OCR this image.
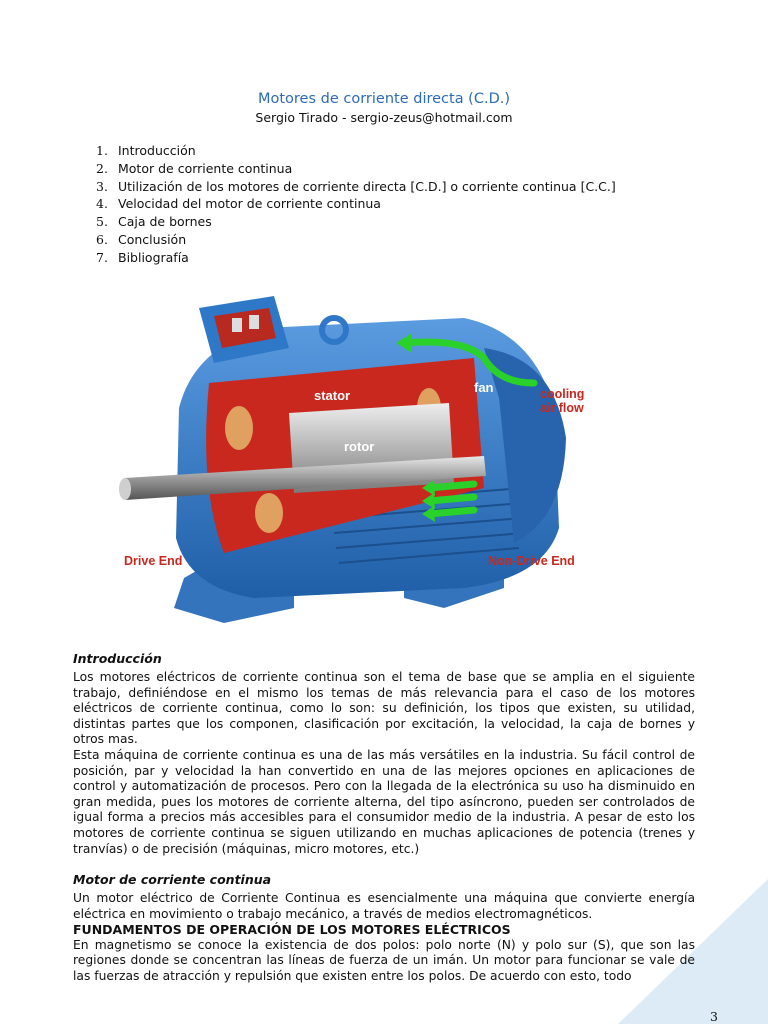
Motores de corriente directa (C.D.)
Sergio Tirado - sergio-zeus@hotmail.com
1. Introducción
2. Motor de corriente continua
3. Utilización de los motores de corriente directa [C.D.] o corriente continua [C.C.]
4. Velocidad del motor de corriente continua
5. Caja de bornes
6. Conclusión
7. Bibliografía
stator
rotor
fan	cooling
air flow
Drive End	Non-Drive End
Introducción

Los motores eléctricos de corriente continua son el tema de base que se amplia en el siguiente trabajo, definiéndose en el mismo los temas de más relevancia para el caso de los motores eléctricos de corriente continua, como lo son: su definición, los tipos que existen, su utilidad, distintas partes que los componen, clasificación por excitación, la velocidad, la caja de bornes y otros mas.

Esta máquina de corriente continua es una de las más versátiles en la industria. Su fácil control de posición, par y velocidad la han convertido en una de las mejores opciones en aplicaciones de control y automatización de procesos. Pero con la llegada de la electrónica su uso ha disminuido en gran medida, pues los motores de corriente alterna, del tipo asíncrono, pueden ser controlados de igual forma a precios más accesibles para el consumidor medio de la industria. A pesar de esto los motores de corriente continua se siguen utilizando en muchas aplicaciones de potencia (trenes y tranvías) o de precisión (máquinas, micro motores, etc.)

Motor de corriente continua

Un motor eléctrico de Corriente Continua es esencialmente una máquina que convierte energía eléctrica en movimiento o trabajo mecánico, a través de medios electromagnéticos.

FUNDAMENTOS DE OPERACIÓN DE LOS MOTORES ELÉCTRICOS

En magnetismo se conoce la existencia de dos polos: polo norte (N) y polo sur (S), que son las regiones donde se concentran las líneas de fuerza de un imán. Un motor para funcionar se vale de las fuerzas de atracción y repulsión que existen entre los polos. De acuerdo con esto, todo

3
